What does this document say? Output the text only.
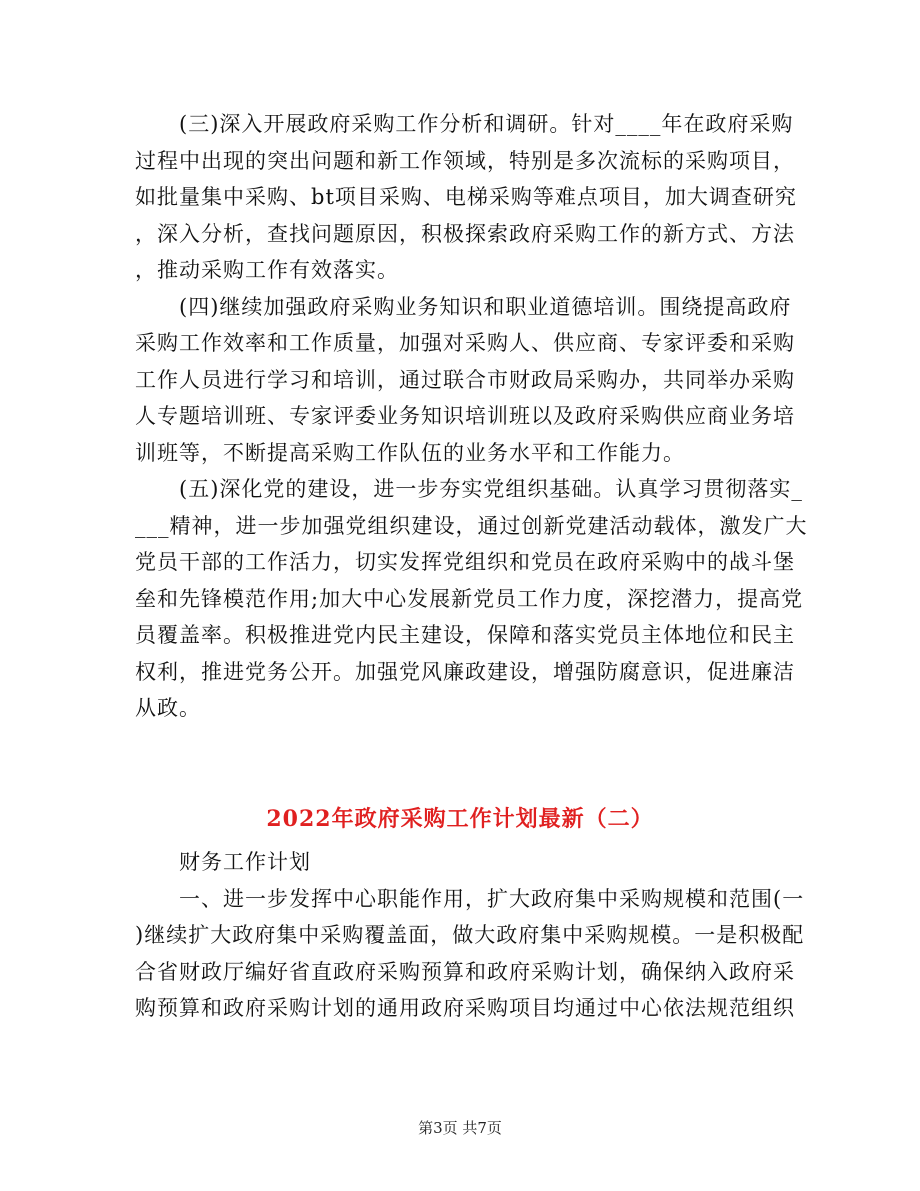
　　(三)深入开展政府采购工作分析和调研。针对____年在政府采购
过程中出现的突出问题和新工作领域，特别是多次流标的采购项目，
如批量集中采购、bt项目采购、电梯采购等难点项目，加大调查研究
，深入分析，查找问题原因，积极探索政府采购工作的新方式、方法
，推动采购工作有效落实。
　　(四)继续加强政府采购业务知识和职业道德培训。围绕提高政府
采购工作效率和工作质量，加强对采购人、供应商、专家评委和采购
工作人员进行学习和培训，通过联合市财政局采购办，共同举办采购
人专题培训班、专家评委业务知识培训班以及政府采购供应商业务培
训班等，不断提高采购工作队伍的业务水平和工作能力。
　　(五)深化党的建设，进一步夯实党组织基础。认真学习贯彻落实_
___精神，进一步加强党组织建设，通过创新党建活动载体，激发广大
党员干部的工作活力，切实发挥党组织和党员在政府采购中的战斗堡
垒和先锋模范作用;加大中心发展新党员工作力度，深挖潜力，提高党
员覆盖率。积极推进党内民主建设，保障和落实党员主体地位和民主
权利，推进党务公开。加强党风廉政建设，增强防腐意识，促进廉洁
从政。
2022年政府采购工作计划最新（二）
　　财务工作计划
　　一、进一步发挥中心职能作用，扩大政府集中采购规模和范围(一
)继续扩大政府集中采购覆盖面，做大政府集中采购规模。一是积极配
合省财政厅编好省直政府采购预算和政府采购计划，确保纳入政府采
购预算和政府采购计划的通用政府采购项目均通过中心依法规范组织
第3页 共7页
